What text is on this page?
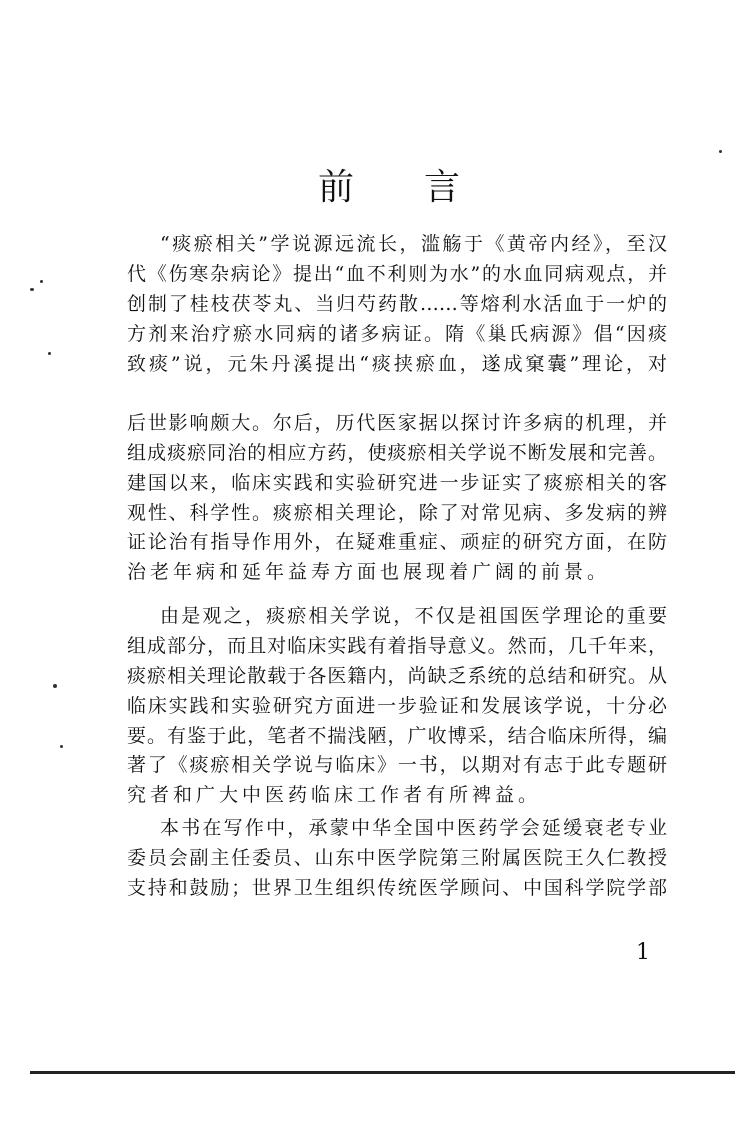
前 言
“痰瘀相关”学说源远流长，滥觞于《黄帝内经》，至汉
代《伤寒杂病论》提出“血不利则为水”的水血同病观点，并
创制了桂枝茯苓丸、当归芍药散……等熔利水活血于一炉的
方剂来治疗瘀水同病的诸多病证。隋《巢氏病源》倡“因痰
致痰”说，元朱丹溪提出“痰挟瘀血，遂成窠囊”理论，对
后世影响颇大。尔后，历代医家据以探讨许多病的机理，并
组成痰瘀同治的相应方药，使痰瘀相关学说不断发展和完善。
建国以来，临床实践和实验研究进一步证实了痰瘀相关的客
观性、科学性。痰瘀相关理论，除了对常见病、多发病的辨
证论治有指导作用外，在疑难重症、顽症的研究方面，在防
治老年病和延年益寿方面也展现着广阔的前景。
由是观之，痰瘀相关学说，不仅是祖国医学理论的重要
组成部分，而且对临床实践有着指导意义。然而，几千年来，
痰瘀相关理论散载于各医籍内，尚缺乏系统的总结和研究。从
临床实践和实验研究方面进一步验证和发展该学说，十分必
要。有鉴于此，笔者不揣浅陋，广收博采，结合临床所得，编
著了《痰瘀相关学说与临床》一书，以期对有志于此专题研
究者和广大中医药临床工作者有所裨益。
本书在写作中，承蒙中华全国中医药学会延缓衰老专业
委员会副主任委员、山东中医学院第三附属医院王久仁教授
支持和鼓励；世界卫生组织传统医学顾问、中国科学院学部
1
